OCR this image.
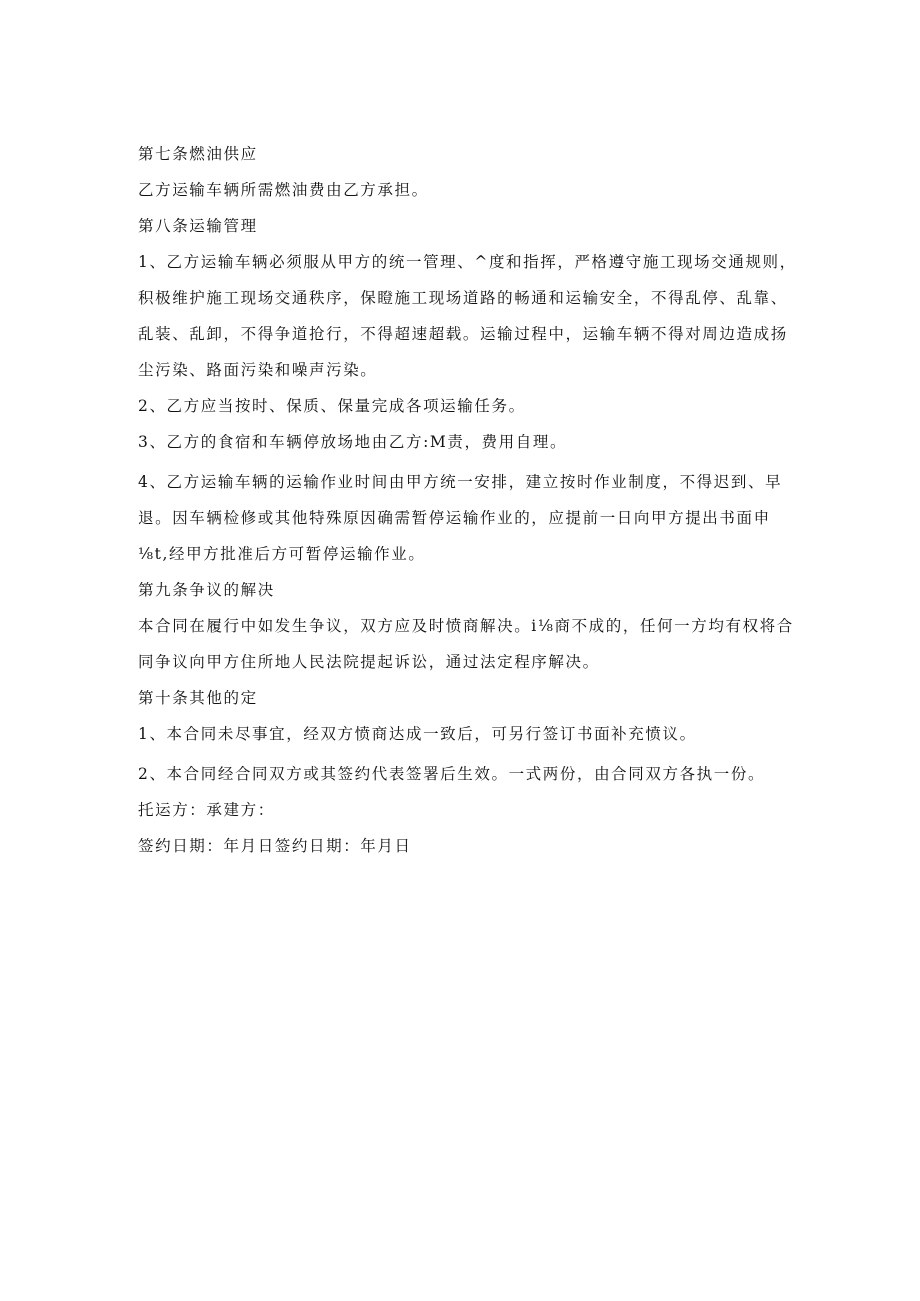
第七条燃油供应

乙方运输车辆所需燃油费由乙方承担。

第八条运输管理

1、乙方运输车辆必须服从甲方的统一管理、^度和指挥，严格遵守施工现场交通规则，
积极维护施工现场交通秩序，保瞪施工现场道路的畅通和运输安全，不得乱停、乱靠、
乱装、乱卸，不得争道抢行，不得超速超载。运输过程中，运输车辆不得对周边造成扬
尘污染、路面污染和噪声污染。

2、乙方应当按时、保质、保量完成各项运输任务。

3、乙方的食宿和车辆停放场地由乙方:M责，费用自理。

4、乙方运输车辆的运输作业时间由甲方统一安排，建立按时作业制度，不得迟到、早
退。因车辆检修或其他特殊原因确需暂停运输作业的，应提前一日向甲方提出书面申
⅛t,经甲方批准后方可暂停运输作业。

第九条争议的解决

本合同在履行中如发生争议，双方应及时愤商解决。i⅛商不成的，任何一方均有权将合
同争议向甲方住所地人民法院提起诉讼，通过法定程序解决。

第十条其他的定

1、本合同未尽事宜，经双方愤商达成一致后，可另行签订书面补充愤议。

2、本合同经合同双方或其签约代表签署后生效。一式两份，由合同双方各执一份。

托运方：承建方：

签约日期：年月日签约日期：年月日
